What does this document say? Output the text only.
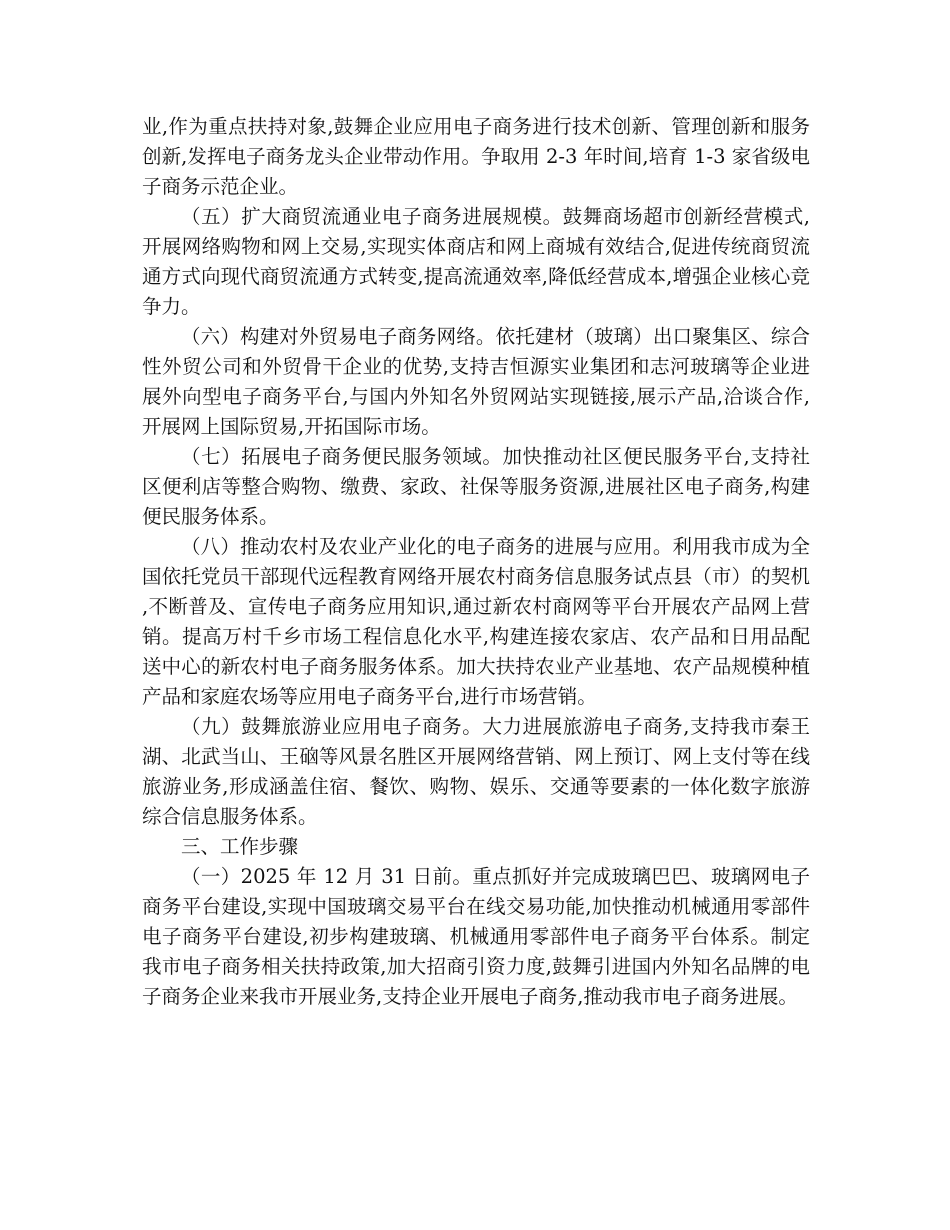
业,作为重点扶持对象,鼓舞企业应用电子商务进行技术创新、管理创新和服务创新,发挥电子商务龙头企业带动作用。争取用 2-3 年时间,培育 1-3 家省级电子商务示范企业。

（五）扩大商贸流通业电子商务进展规模。鼓舞商场超市创新经营模式,开展网络购物和网上交易,实现实体商店和网上商城有效结合,促进传统商贸流通方式向现代商贸流通方式转变,提高流通效率,降低经营成本,增强企业核心竞争力。

（六）构建对外贸易电子商务网络。依托建材（玻璃）出口聚集区、综合性外贸公司和外贸骨干企业的优势,支持吉恒源实业集团和志河玻璃等企业进展外向型电子商务平台,与国内外知名外贸网站实现链接,展示产品,洽谈合作,开展网上国际贸易,开拓国际市场。

（七）拓展电子商务便民服务领域。加快推动社区便民服务平台,支持社区便利店等整合购物、缴费、家政、社保等服务资源,进展社区电子商务,构建便民服务体系。

（八）推动农村及农业产业化的电子商务的进展与应用。利用我市成为全国依托党员干部现代远程教育网络开展农村商务信息服务试点县（市）的契机,不断普及、宣传电子商务应用知识,通过新农村商网等平台开展农产品网上营销。提高万村千乡市场工程信息化水平,构建连接农家店、农产品和日用品配送中心的新农村电子商务服务体系。加大扶持农业产业基地、农产品规模种植产品和家庭农场等应用电子商务平台,进行市场营销。

（九）鼓舞旅游业应用电子商务。大力进展旅游电子商务,支持我市秦王湖、北武当山、王硇等风景名胜区开展网络营销、网上预订、网上支付等在线旅游业务,形成涵盖住宿、餐饮、购物、娱乐、交通等要素的一体化数字旅游综合信息服务体系。

三、工作步骤

（一）2025 年 12 月 31 日前。重点抓好并完成玻璃巴巴、玻璃网电子商务平台建设,实现中国玻璃交易平台在线交易功能,加快推动机械通用零部件电子商务平台建设,初步构建玻璃、机械通用零部件电子商务平台体系。制定我市电子商务相关扶持政策,加大招商引资力度,鼓舞引进国内外知名品牌的电子商务企业来我市开展业务,支持企业开展电子商务,推动我市电子商务进展。
